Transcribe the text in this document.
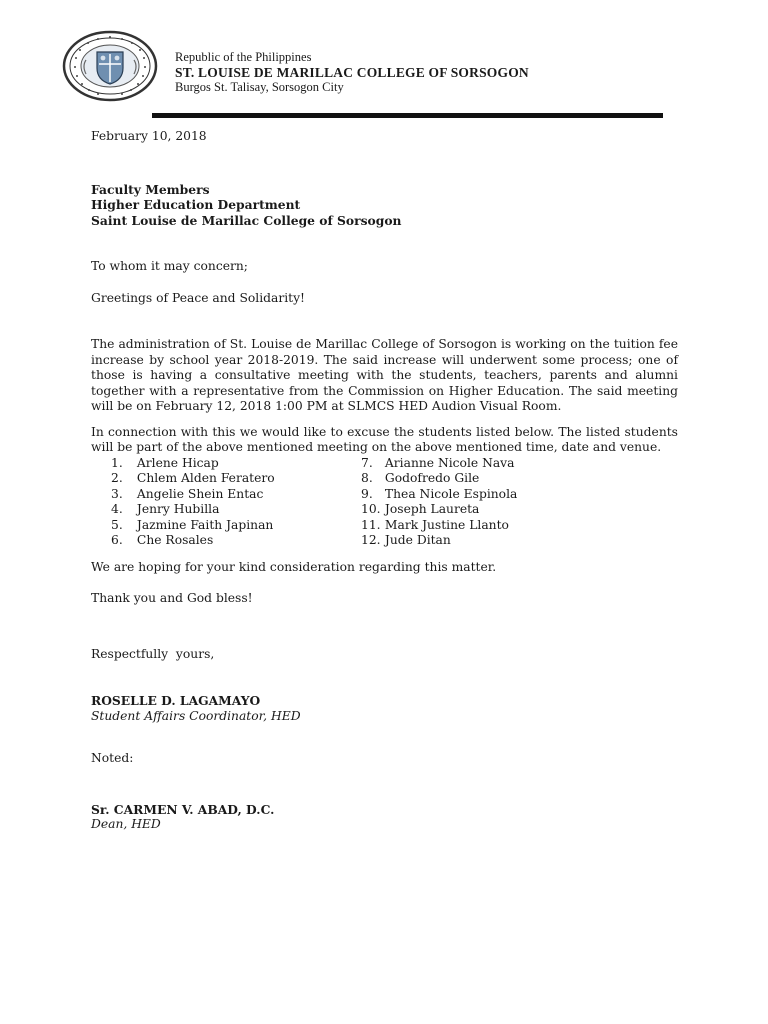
Republic of the Philippines
ST. LOUISE DE MARILLAC COLLEGE OF SORSOGON
Burgos St. Talisay, Sorsogon City

February 10, 2018

Faculty Members

Higher Education Department

Saint Louise de Marillac College of Sorsogon

To whom it may concern;

Greetings of Peace and Solidarity!

The administration of St. Louise de Marillac College of Sorsogon is working on the tuition fee increase by school year 2018-2019. The said increase will underwent some process; one of those is having a consultative meeting with the students, teachers, parents and alumni together with a representative from the Commission on Higher Education. The said meeting will be on February 12, 2018 1:00 PM at SLMCS HED Audion Visual Room.

In connection with this we would like to excuse the students listed below. The listed students will be part of the above mentioned meeting on the above mentioned time, date and venue.

1. Arlene Hicap
2. Chlem Alden Feratero
3. Angelie Shein Entac
4. Jenry Hubilla
5. Jazmine Faith Japinan
6. Che Rosales
7. Arianne Nicole Nava
8. Godofredo Gile
9. Thea Nicole Espinola
10. Joseph Laureta
11. Mark Justine Llanto
12. Jude Ditan

We are hoping for your kind consideration regarding this matter.

Thank you and God bless!

Respectfully  yours,

ROSELLE D. LAGAMAYO

Student Affairs Coordinator, HED

Noted:

Sr. CARMEN V. ABAD, D.C.

Dean, HED
